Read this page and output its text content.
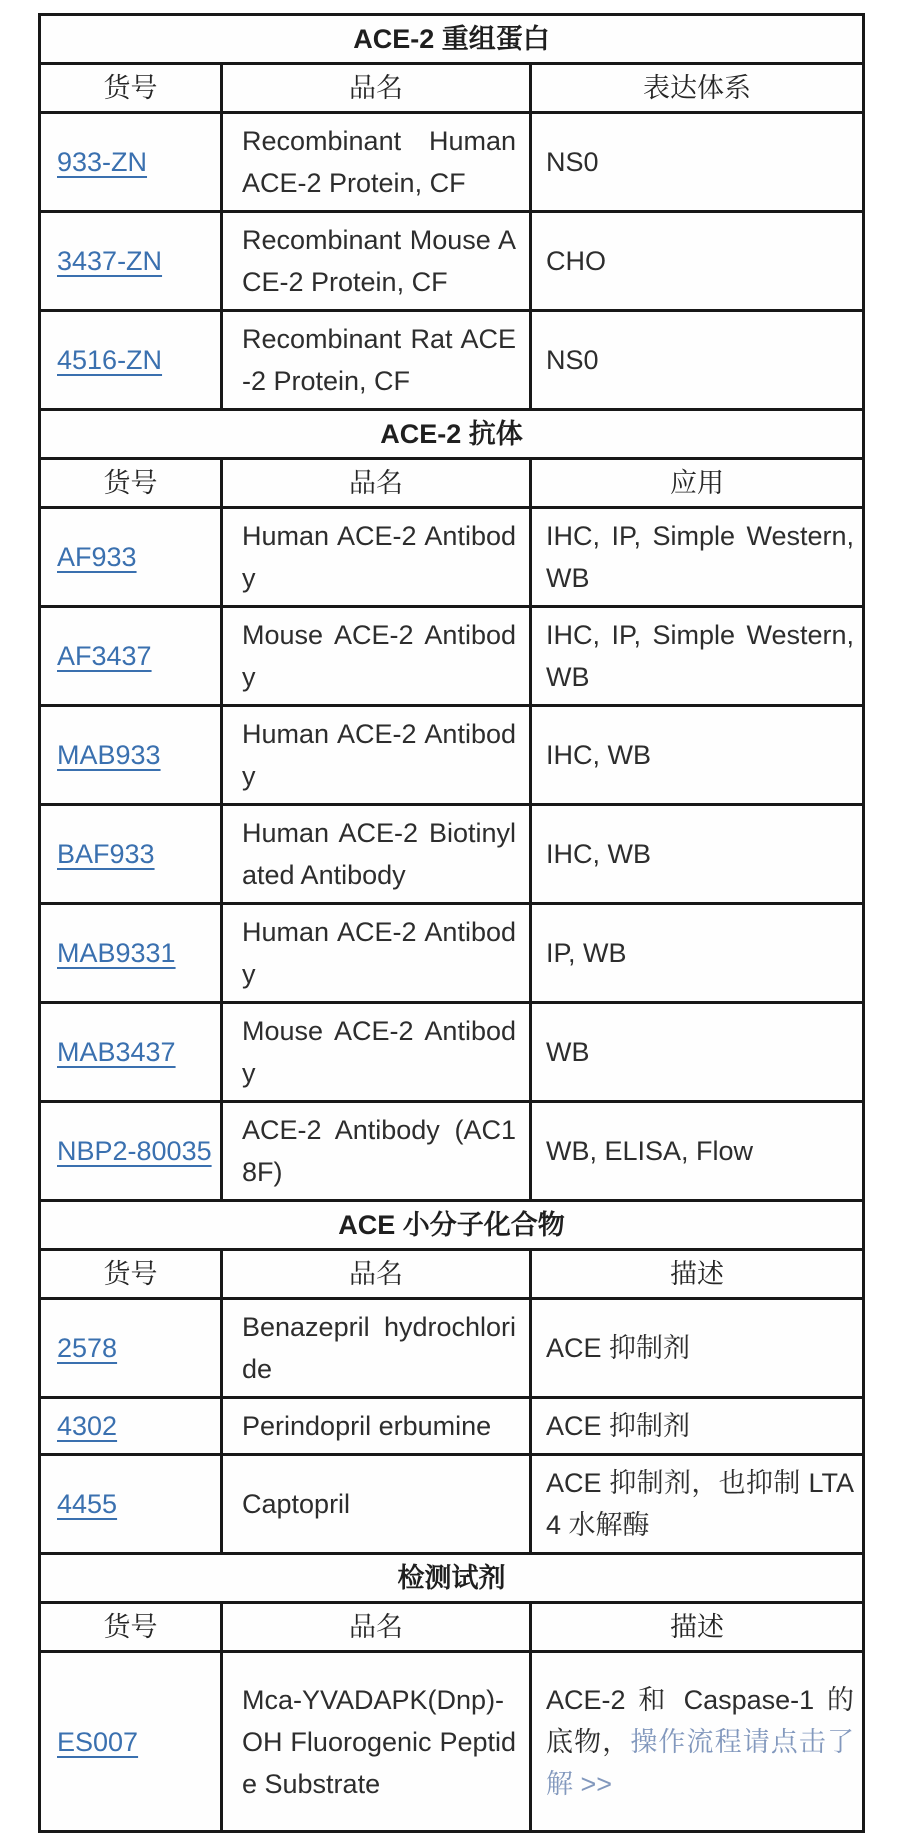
ACE-2 重组蛋白		
货号	品名	表达体系
933-ZN	Recombinant Human ACE-2 Protein, CF	NS0
3437-ZN	Recombinant Mouse ACE-2 Protein, CF	CHO
4516-ZN	Recombinant Rat ACE-2 Protein, CF	NS0
ACE-2 抗体		
货号	品名	应用
AF933	Human ACE-2 Antibody	IHC, IP, Simple Western, WB
AF3437	Mouse ACE-2 Antibody	IHC, IP, Simple Western, WB
MAB933	Human ACE-2 Antibody	IHC, WB
BAF933	Human ACE-2 Biotinylated Antibody	IHC, WB
MAB9331	Human ACE-2 Antibody	IP, WB
MAB3437	Mouse ACE-2 Antibody	WB
NBP2-80035	ACE-2 Antibody (AC18F)	WB, ELISA, Flow
ACE 小分子化合物		
货号	品名	描述
2578	Benazepril hydrochloride	ACE 抑制剂
4302	Perindopril erbumine	ACE 抑制剂
4455	Captopril	ACE 抑制剂，也抑制 LTA4 水解酶
检测试剂		
货号	品名	描述
ES007	Mca-YVADAPK(Dnp)-OH Fluorogenic Peptide Substrate	ACE-2 和 Caspase-1 的底物，操作流程请点击了解 >>
